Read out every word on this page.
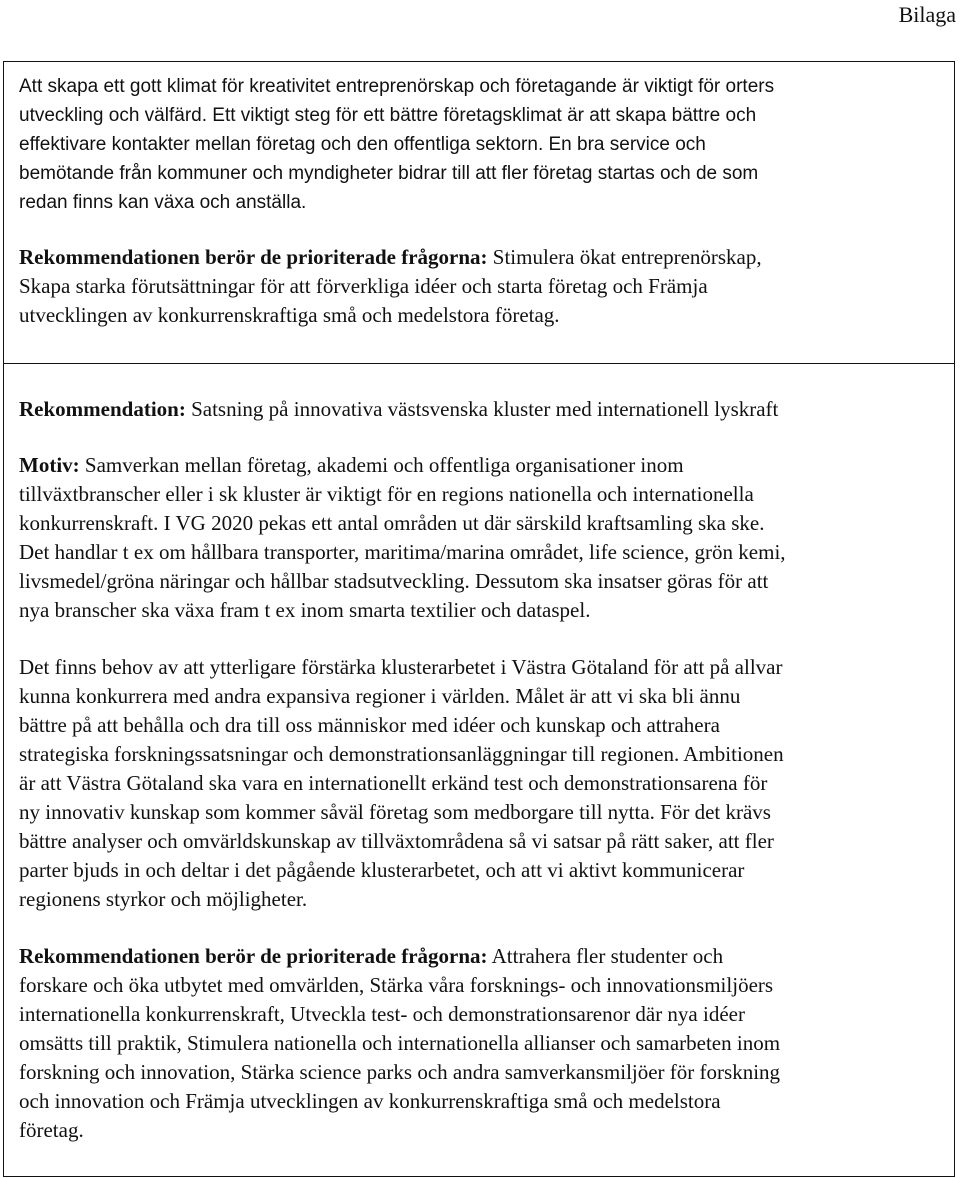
Bilaga

Att skapa ett gott klimat för kreativitet entreprenörskap och företagande är viktigt för orters
utveckling och välfärd. Ett viktigt steg för ett bättre företagsklimat är att skapa bättre och
effektivare kontakter mellan företag och den offentliga sektorn. En bra service och
bemötande från kommuner och myndigheter bidrar till att fler företag startas och de som
redan finns kan växa och anställa.

Rekommendationen berör de prioriterade frågorna: Stimulera ökat entreprenörskap,
Skapa starka förutsättningar för att förverkliga idéer och starta företag och Främja
utvecklingen av konkurrenskraftiga små och medelstora företag.

Rekommendation: Satsning på innovativa västsvenska kluster med internationell lyskraft

Motiv: Samverkan mellan företag, akademi och offentliga organisationer inom
tillväxtbranscher eller i sk kluster är viktigt för en regions nationella och internationella
konkurrenskraft. I VG 2020 pekas ett antal områden ut där särskild kraftsamling ska ske.
Det handlar t ex om hållbara transporter, maritima/marina området, life science, grön kemi,
livsmedel/gröna näringar och hållbar stadsutveckling. Dessutom ska insatser göras för att
nya branscher ska växa fram t ex inom smarta textilier och dataspel.

Det finns behov av att ytterligare förstärka klusterarbetet i Västra Götaland för att på allvar
kunna konkurrera med andra expansiva regioner i världen. Målet är att vi ska bli ännu
bättre på att behålla och dra till oss människor med idéer och kunskap och attrahera
strategiska forskningssatsningar och demonstrationsanläggningar till regionen. Ambitionen
är att Västra Götaland ska vara en internationellt erkänd test och demonstrationsarena för
ny innovativ kunskap som kommer såväl företag som medborgare till nytta. För det krävs
bättre analyser och omvärldskunskap av tillväxtområdena så vi satsar på rätt saker, att fler
parter bjuds in och deltar i det pågående klusterarbetet, och att vi aktivt kommunicerar
regionens styrkor och möjligheter.

Rekommendationen berör de prioriterade frågorna: Attrahera fler studenter och
forskare och öka utbytet med omvärlden, Stärka våra forsknings- och innovationsmiljöers
internationella konkurrenskraft, Utveckla test- och demonstrationsarenor där nya idéer
omsätts till praktik, Stimulera nationella och internationella allianser och samarbeten inom
forskning och innovation, Stärka science parks och andra samverkansmiljöer för forskning
och innovation och Främja utvecklingen av konkurrenskraftiga små och medelstora
företag.
